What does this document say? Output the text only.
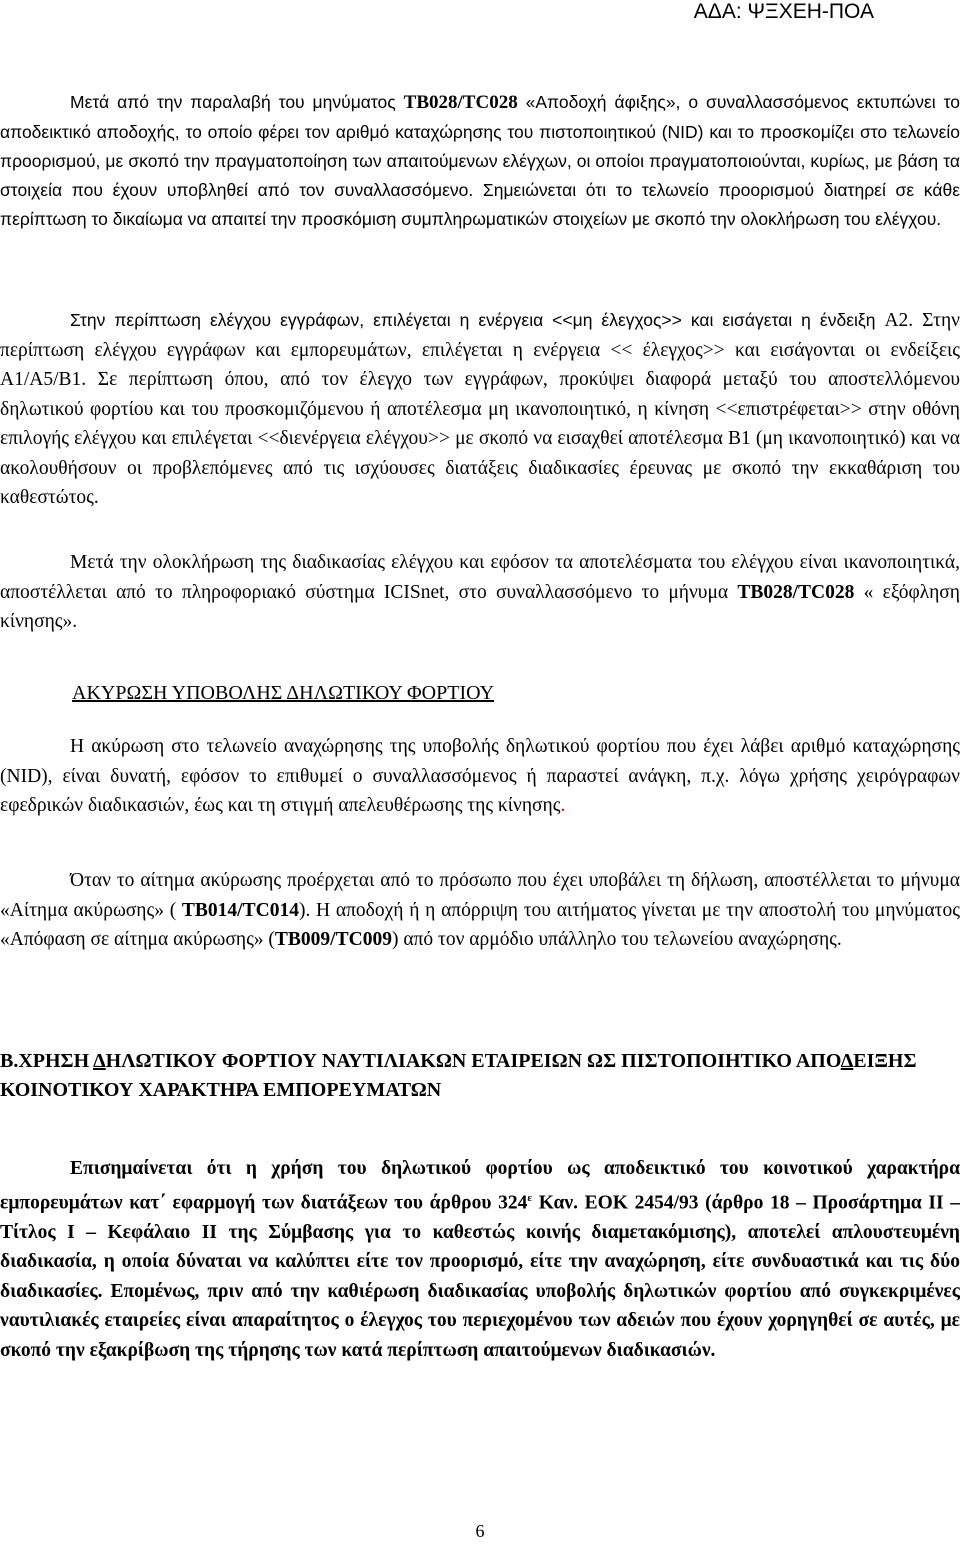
ΑΔΑ: ΨΞΧΕΗ-ΠΟΑ

Μετά από την παραλαβή του μηνύματος TB028/TC028 «Αποδοχή άφιξης», ο συναλλασσόμενος εκτυπώνει το αποδεικτικό αποδοχής, το οποίο φέρει τον αριθμό καταχώρησης του πιστοποιητικού (NID) και το προσκομίζει στο τελωνείο προορισμού, με σκοπό την πραγματοποίηση των απαιτούμενων ελέγχων, οι οποίοι πραγματοποιούνται, κυρίως, με βάση τα στοιχεία που έχουν υποβληθεί από τον συναλλασσόμενο. Σημειώνεται ότι το τελωνείο προορισμού διατηρεί σε κάθε περίπτωση το δικαίωμα να απαιτεί την προσκόμιση συμπληρωματικών στοιχείων με σκοπό την ολοκλήρωση του ελέγχου.

Στην περίπτωση ελέγχου εγγράφων, επιλέγεται η ενέργεια <<μη έλεγχος>> και εισάγεται η ένδειξη A2. Στην περίπτωση ελέγχου εγγράφων και εμπορευμάτων, επιλέγεται η ενέργεια << έλεγχος>> και εισάγονται οι ενδείξεις A1/A5/B1. Σε περίπτωση όπου, από τον έλεγχο των εγγράφων, προκύψει διαφορά μεταξύ του αποστελλόμενου δηλωτικού φορτίου και του προσκομιζόμενου ή αποτέλεσμα μη ικανοποιητικό, η κίνηση <<επιστρέφεται>> στην οθόνη επιλογής ελέγχου και επιλέγεται <<διενέργεια ελέγχου>> με σκοπό να εισαχθεί αποτέλεσμα B1 (μη ικανοποιητικό) και να ακολουθήσουν οι προβλεπόμενες από τις ισχύουσες διατάξεις διαδικασίες έρευνας με σκοπό την εκκαθάριση του καθεστώτος.

Μετά την ολοκλήρωση της διαδικασίας ελέγχου και εφόσον τα αποτελέσματα του ελέγχου είναι ικανοποιητικά, αποστέλλεται από το πληροφοριακό σύστημα ICISnet, στο συναλλασσόμενο το μήνυμα TB028/TC028 « εξόφληση κίνησης».

ΑΚΥΡΩΣΗ ΥΠΟΒΟΛΗΣ ΔΗΛΩΤΙΚΟΥ ΦΟΡΤΙΟΥ

Η ακύρωση στο τελωνείο αναχώρησης της υποβολής δηλωτικού φορτίου που έχει λάβει αριθμό καταχώρησης (NID), είναι δυνατή, εφόσον το επιθυμεί ο συναλλασσόμενος ή παραστεί ανάγκη, π.χ. λόγω χρήσης χειρόγραφων εφεδρικών διαδικασιών, έως και τη στιγμή απελευθέρωσης της κίνησης.

Όταν το αίτημα ακύρωσης προέρχεται από το πρόσωπο που έχει υποβάλει τη δήλωση, αποστέλλεται το μήνυμα «Αίτημα ακύρωσης» ( TB014/TC014). Η αποδοχή ή η απόρριψη του αιτήματος γίνεται με την αποστολή του μηνύματος «Απόφαση σε αίτημα ακύρωσης» (TB009/TC009) από τον αρμόδιο υπάλληλο του τελωνείου αναχώρησης.

Β.ΧΡΗΣΗ ΔΗΛΩΤΙΚΟΥ ΦΟΡΤΙΟΥ ΝΑΥΤΙΛΙΑΚΩΝ ΕΤΑΙΡΕΙΩΝ ΩΣ ΠΙΣΤΟΠΟΙΗΤΙΚΟ ΑΠΟΔΕΙΞΗΣ ΚΟΙΝΟΤΙΚΟΥ ΧΑΡΑΚΤΗΡΑ ΕΜΠΟΡΕΥΜΑΤΩΝ

Επισημαίνεται ότι η χρήση του δηλωτικού φορτίου ως αποδεικτικό του κοινοτικού χαρακτήρα εμπορευμάτων κατ΄ εφαρμογή των διατάξεων του άρθρου $324^\varepsilon$ Καν. ΕΟΚ 2454/93 (άρθρο 18 – Προσάρτημα ΙΙ – Τίτλος Ι – Κεφάλαιο ΙΙ της Σύμβασης για το καθεστώς κοινής διαμετακόμισης), αποτελεί απλουστευμένη διαδικασία, η οποία δύναται να καλύπτει είτε τον προορισμό, είτε την αναχώρηση, είτε συνδυαστικά και τις δύο διαδικασίες. Επομένως, πριν από την καθιέρωση διαδικασίας υποβολής δηλωτικών φορτίου από συγκεκριμένες ναυτιλιακές εταιρείες είναι απαραίτητος ο έλεγχος του περιεχομένου των αδειών που έχουν χορηγηθεί σε αυτές, με σκοπό την εξακρίβωση της τήρησης των κατά περίπτωση απαιτούμενων διαδικασιών.

6
